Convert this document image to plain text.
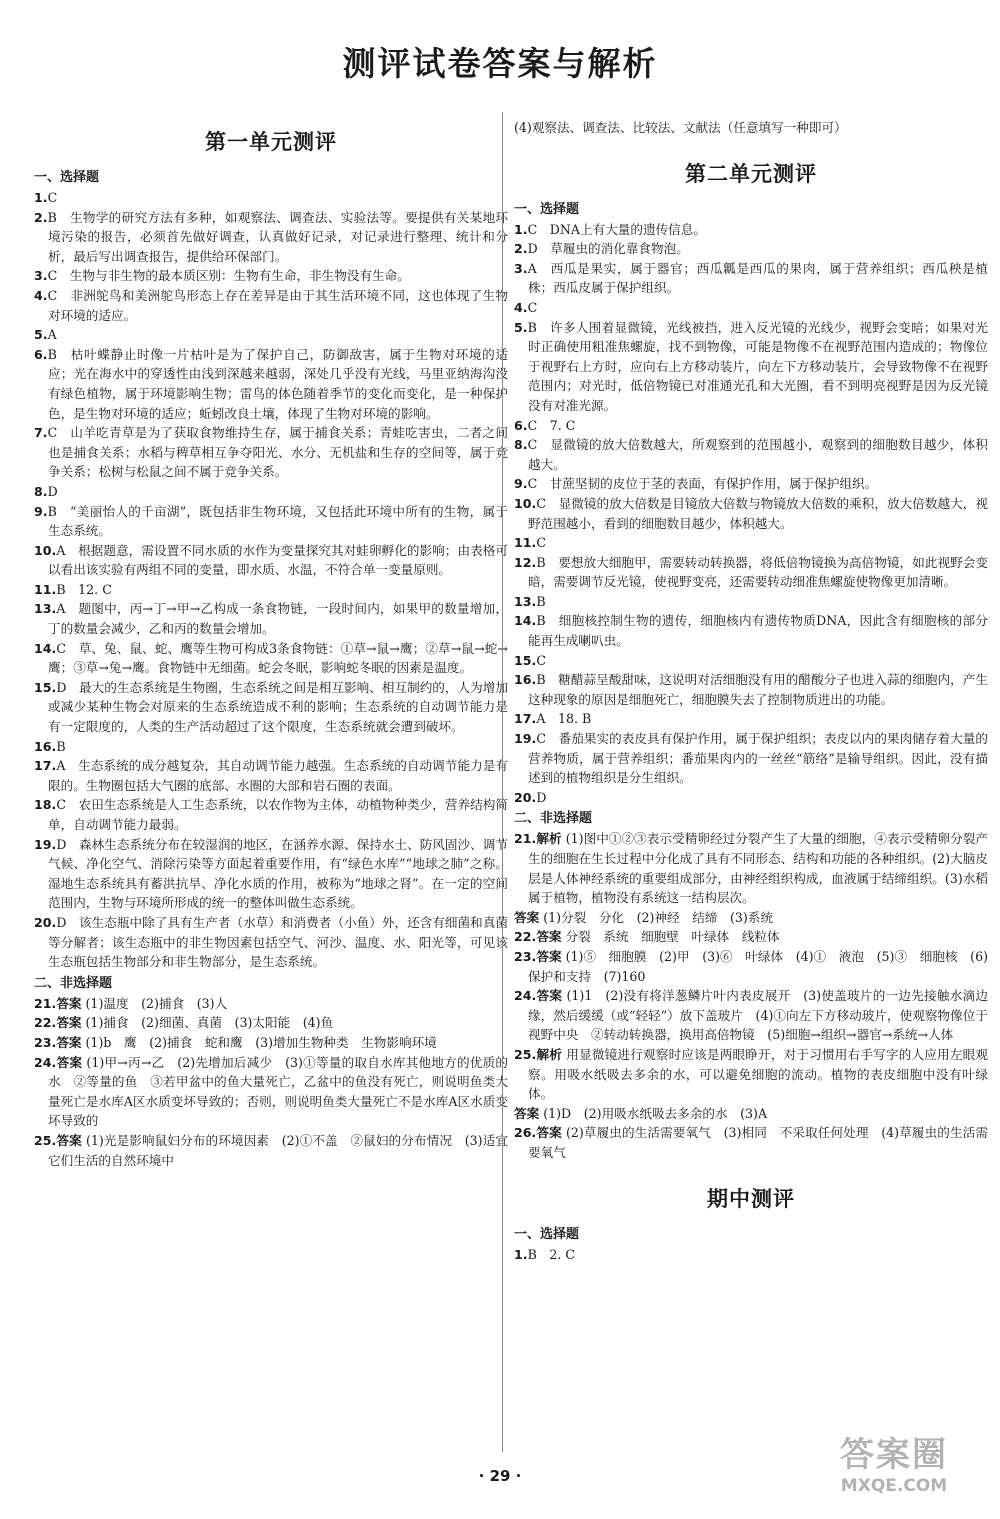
测评试卷答案与解析
第一单元测评
一、选择题
1.C
2.B　生物学的研究方法有多种，如观察法、调查法、实验法等。要提供有关某地环境污染的报告，必须首先做好调查，认真做好记录，对记录进行整理、统计和分析，最后写出调查报告，提供给环保部门。
3.C　生物与非生物的最本质区别：生物有生命，非生物没有生命。
4.C　非洲鸵鸟和美洲鸵鸟形态上存在差异是由于其生活环境不同，这也体现了生物对环境的适应。
5.A
6.B　枯叶蝶静止时像一片枯叶是为了保护自己，防御敌害，属于生物对环境的适应；光在海水中的穿透性由浅到深越来越弱，深处几乎没有光线，马里亚纳海沟没有绿色植物，属于环境影响生物；雷鸟的体色随着季节的变化而变化，是一种保护色，是生物对环境的适应；蚯蚓改良土壤，体现了生物对环境的影响。
7.C　山羊吃青草是为了获取食物维持生存，属于捕食关系；青蛙吃害虫，二者之间也是捕食关系；水稻与稗草相互争夺阳光、水分、无机盐和生存的空间等，属于竞争关系；松树与松鼠之间不属于竞争关系。
8.D
9.B　“美丽怡人的千亩湖”，既包括非生物环境，又包括此环境中所有的生物，属于生态系统。
10.A　根据题意，需设置不同水质的水作为变量探究其对蛙卵孵化的影响；由表格可以看出该实验有两组不同的变量，即水质、水温，不符合单一变量原则。
11.B　12. C
13.A　题图中，丙→丁→甲→乙构成一条食物链，一段时间内，如果甲的数量增加，丁的数量会减少，乙和丙的数量会增加。
14.C　草、兔、鼠、蛇、鹰等生物可构成3条食物链：①草→鼠→鹰；②草→鼠→蛇→鹰；③草→兔→鹰。食物链中无细菌。蛇会冬眠，影响蛇冬眠的因素是温度。
15.D　最大的生态系统是生物圈，生态系统之间是相互影响、相互制约的，人为增加或减少某种生物会对原来的生态系统造成不利的影响；生态系统的自动调节能力是有一定限度的，人类的生产活动超过了这个限度，生态系统就会遭到破坏。
16.B
17.A　生态系统的成分越复杂，其自动调节能力越强。生态系统的自动调节能力是有限的。生物圈包括大气圈的底部、水圈的大部和岩石圈的表面。
18.C　农田生态系统是人工生态系统，以农作物为主体，动植物种类少，营养结构简单，自动调节能力最弱。
19.D　森林生态系统分布在较湿润的地区，在涵养水源、保持水土、防风固沙、调节气候、净化空气、消除污染等方面起着重要作用，有“绿色水库”“地球之肺”之称。湿地生态系统具有蓄洪抗旱、净化水质的作用，被称为“地球之肾”。在一定的空间范围内，生物与环境所形成的统一的整体叫做生态系统。
20.D　该生态瓶中除了具有生产者（水草）和消费者（小鱼）外，还含有细菌和真菌等分解者；该生态瓶中的非生物因素包括空气、河沙、温度、水、阳光等，可见该生态瓶包括生物部分和非生物部分，是生态系统。
二、非选择题
21.答案 (1)温度　(2)捕食　(3)人
22.答案 (1)捕食　(2)细菌、真菌　(3)太阳能　(4)鱼
23.答案 (1)b　鹰　(2)捕食　蛇和鹰　(3)增加生物种类　生物影响环境
24.答案 (1)甲→丙→乙　(2)先增加后减少　(3)①等量的取自水库其他地方的优质的水　②等量的鱼　③若甲盆中的鱼大量死亡，乙盆中的鱼没有死亡，则说明鱼类大量死亡是水库A区水质变坏导致的；否则，则说明鱼类大量死亡不是水库A区水质变坏导致的
25.答案 (1)光是影响鼠妇分布的环境因素　(2)①不盖　②鼠妇的分布情况　(3)适宜它们生活的自然环境中
(4)观察法、调查法、比较法、文献法（任意填写一种即可）
第二单元测评
一、选择题
1.C　DNA上有大量的遗传信息。
2.D　草履虫的消化靠食物泡。
3.A　西瓜是果实，属于器官；西瓜瓤是西瓜的果肉，属于营养组织；西瓜秧是植株；西瓜皮属于保护组织。
4.C
5.B　许多人围着显微镜，光线被挡，进入反光镜的光线少，视野会变暗；如果对光时正确使用粗准焦螺旋，找不到物像，可能是物像不在视野范围内造成的；物像位于视野右上方时，应向右上方移动装片，向左下方移动装片，会导致物像不在视野范围内；对光时，低倍物镜已对准通光孔和大光圈，看不到明亮视野是因为反光镜没有对准光源。
6.C　7. C
8.C　显微镜的放大倍数越大，所观察到的范围越小，观察到的细胞数目越少，体积越大。
9.C　甘蔗坚韧的皮位于茎的表面，有保护作用，属于保护组织。
10.C　显微镜的放大倍数是目镜放大倍数与物镜放大倍数的乘积，放大倍数越大，视野范围越小，看到的细胞数目越少，体积越大。
11.C
12.B　要想放大细胞甲，需要转动转换器，将低倍物镜换为高倍物镜，如此视野会变暗，需要调节反光镜，使视野变亮，还需要转动细准焦螺旋使物像更加清晰。
13.B
14.B　细胞核控制生物的遗传，细胞核内有遗传物质DNA，因此含有细胞核的部分能再生成喇叭虫。
15.C
16.B　糖醋蒜呈酸甜味，这说明对活细胞没有用的醋酸分子也进入蒜的细胞内，产生这种现象的原因是细胞死亡，细胞膜失去了控制物质进出的功能。
17.A　18. B
19.C　番茄果实的表皮具有保护作用，属于保护组织；表皮以内的果肉储存着大量的营养物质，属于营养组织；番茄果肉内的一丝丝“筋络”是输导组织。因此，没有描述到的植物组织是分生组织。
20.D
二、非选择题
21.解析 (1)图中①②③表示受精卵经过分裂产生了大量的细胞，④表示受精卵分裂产生的细胞在生长过程中分化成了具有不同形态、结构和功能的各种组织。(2)大脑皮层是人体神经系统的重要组成部分，由神经组织构成，血液属于结缔组织。(3)水稻属于植物，植物没有系统这一结构层次。
答案 (1)分裂　分化　(2)神经　结缔　(3)系统
22.答案 分裂　系统　细胞壁　叶绿体　线粒体
23.答案 (1)⑤　细胞膜　(2)甲　(3)⑥　叶绿体　(4)①　液泡　(5)③　细胞核　(6)保护和支持　(7)160
24.答案 (1)1　(2)没有将洋葱鳞片叶内表皮展开　(3)使盖玻片的一边先接触水滴边缘，然后缓缓（或“轻轻”）放下盖玻片　(4)①向左下方移动玻片，使观察物像位于视野中央　②转动转换器，换用高倍物镜　(5)细胞→组织→器官→系统→人体
25.解析 用显微镜进行观察时应该是两眼睁开，对于习惯用右手写字的人应用左眼观察。用吸水纸吸去多余的水，可以避免细胞的流动。植物的表皮细胞中没有叶绿体。
答案 (1)D　(2)用吸水纸吸去多余的水　(3)A
26.答案 (2)草履虫的生活需要氧气　(3)相同　不采取任何处理　(4)草履虫的生活需要氧气
期中测评
一、选择题
1.B　2. C
· 29 ·
答案圈
MXQE.COM
